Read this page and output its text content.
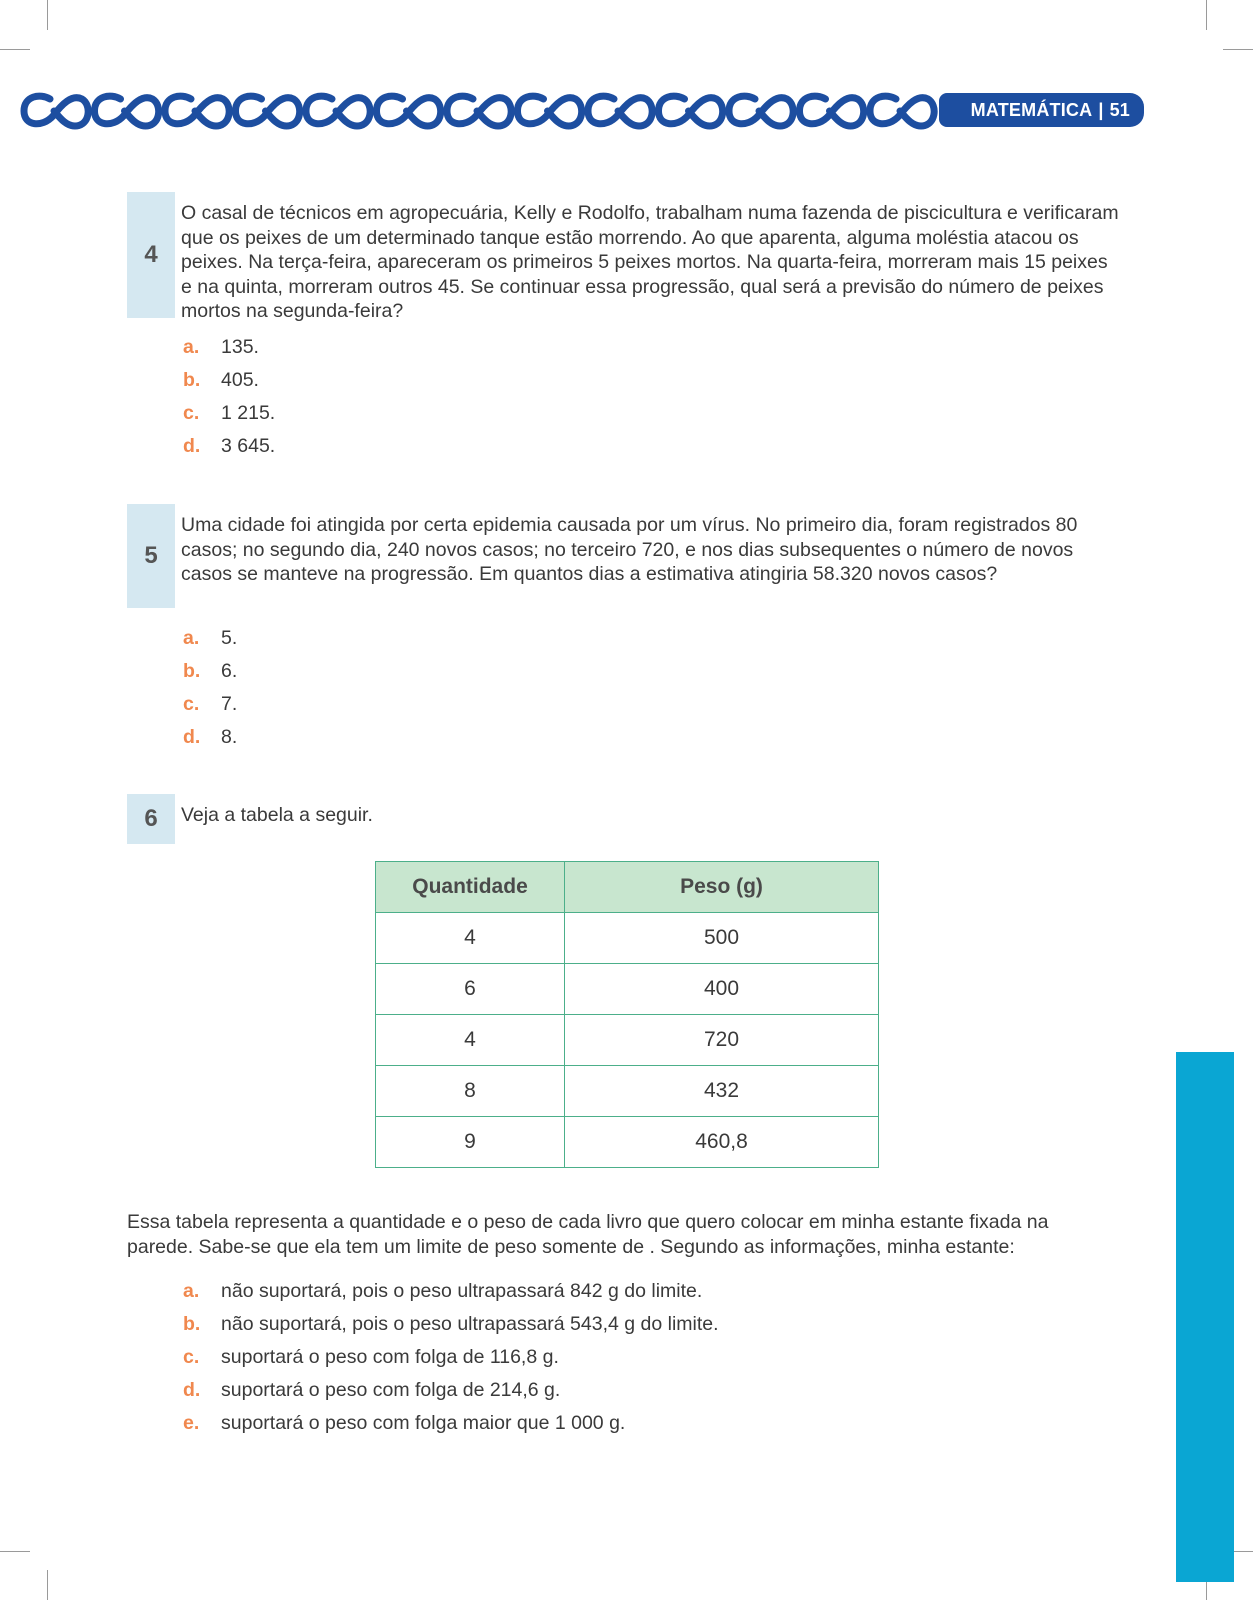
MATEMÁTICA | 51
4

O casal de técnicos em agropecuária, Kelly e Rodolfo, trabalham numa fazenda de piscicultura e verificaram que os peixes de um determinado tanque estão morrendo. Ao que aparenta, alguma moléstia atacou os peixes. Na terça-feira, apareceram os primeiros 5 peixes mortos. Na quarta-feira, morreram mais 15 peixes e na quinta, morreram outros 45. Se continuar essa progressão, qual será a previsão do número de peixes mortos na segunda-feira?

a.	135.
b.	405.
c.	1 215.
d.	3 645.
5

Uma cidade foi atingida por certa epidemia causada por um vírus. No primeiro dia, foram registrados 80 casos; no segundo dia, 240 novos casos; no terceiro 720, e nos dias subsequentes o número de novos casos se manteve na progressão. Em quantos dias a estimativa atingiria 58.320 novos casos?

a.	5.
b.	6.
c.	7.
d.	8.
6	Veja a tabela a seguir.

Quantidade	Peso (g)
4	500
6	400
4	720
8	432
9	460,8

Essa tabela representa a quantidade e o peso de cada livro que quero colocar em minha estante fixada na parede. Sabe-se que ela tem um limite de peso somente de . Segundo as informações, minha estante:

a.	não suportará, pois o peso ultrapassará 842 g do limite.
b.	não suportará, pois o peso ultrapassará 543,4 g do limite.
c.	suportará o peso com folga de 116,8 g.
d.	suportará o peso com folga de 214,6 g.
e.	suportará o peso com folga maior que 1 000 g.
